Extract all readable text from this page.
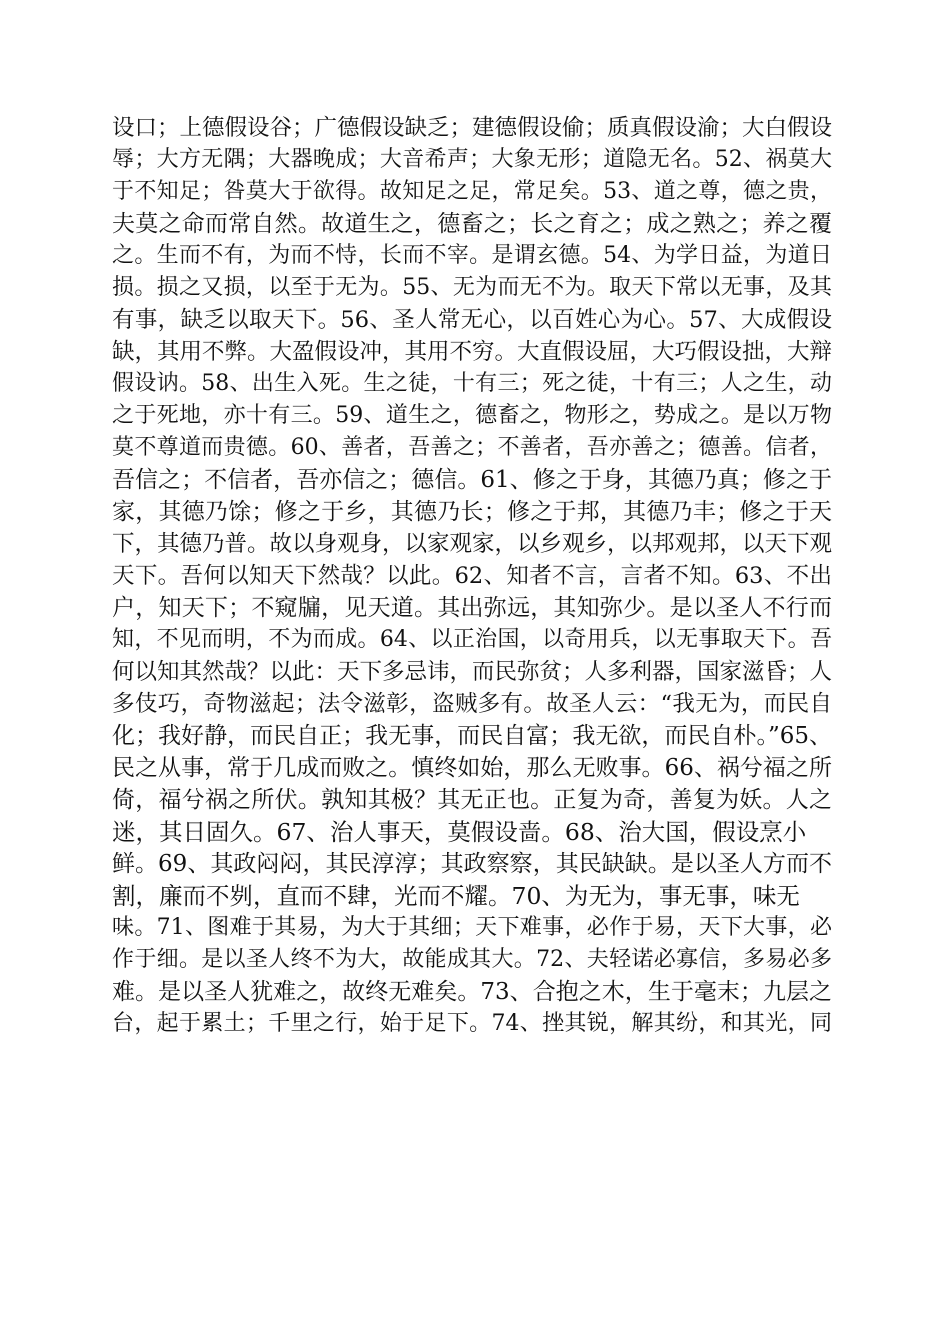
设口；上德假设谷；广德假设缺乏；建德假设偷；质真假设渝；大白假设
辱；大方无隅；大器晚成；大音希声；大象无形；道隐无名。52、祸莫大
于不知足；咎莫大于欲得。故知足之足，常足矣。53、道之尊，德之贵，
夫莫之命而常自然。故道生之，德畜之；长之育之；成之熟之；养之覆
之。生而不有，为而不恃，长而不宰。是谓玄德。54、为学日益，为道日
损。损之又损，以至于无为。55、无为而无不为。取天下常以无事，及其
有事，缺乏以取天下。56、圣人常无心，以百姓心为心。57、大成假设
缺，其用不弊。大盈假设冲，其用不穷。大直假设屈，大巧假设拙，大辩
假设讷。58、出生入死。生之徒，十有三；死之徒，十有三；人之生，动
之于死地，亦十有三。59、道生之，德畜之，物形之，势成之。是以万物
莫不尊道而贵德。60、善者，吾善之；不善者，吾亦善之；德善。信者，
吾信之；不信者，吾亦信之；德信。61、修之于身，其德乃真；修之于
家，其德乃馀；修之于乡，其德乃长；修之于邦，其德乃丰；修之于天
下，其德乃普。故以身观身，以家观家，以乡观乡，以邦观邦，以天下观
天下。吾何以知天下然哉？以此。62、知者不言，言者不知。63、不出
户，知天下；不窥牖，见天道。其出弥远，其知弥少。是以圣人不行而
知，不见而明，不为而成。64、以正治国，以奇用兵，以无事取天下。吾
何以知其然哉？以此：天下多忌讳，而民弥贫；人多利器，国家滋昏；人
多伎巧，奇物滋起；法令滋彰，盗贼多有。故圣人云：“我无为，而民自
化；我好静，而民自正；我无事，而民自富；我无欲，而民自朴。”65、
民之从事，常于几成而败之。慎终如始，那么无败事。66、祸兮福之所
倚，福兮祸之所伏。孰知其极？其无正也。正复为奇，善复为妖。人之
迷，其日固久。67、治人事天，莫假设啬。68、治大国，假设烹小
鲜。69、其政闷闷，其民淳淳；其政察察，其民缺缺。是以圣人方而不
割，廉而不刿，直而不肆，光而不耀。70、为无为，事无事，味无
味。71、图难于其易，为大于其细；天下难事，必作于易，天下大事，必
作于细。是以圣人终不为大，故能成其大。72、夫轻诺必寡信，多易必多
难。是以圣人犹难之，故终无难矣。73、合抱之木，生于毫末；九层之
台，起于累土；千里之行，始于足下。74、挫其锐，解其纷，和其光，同
